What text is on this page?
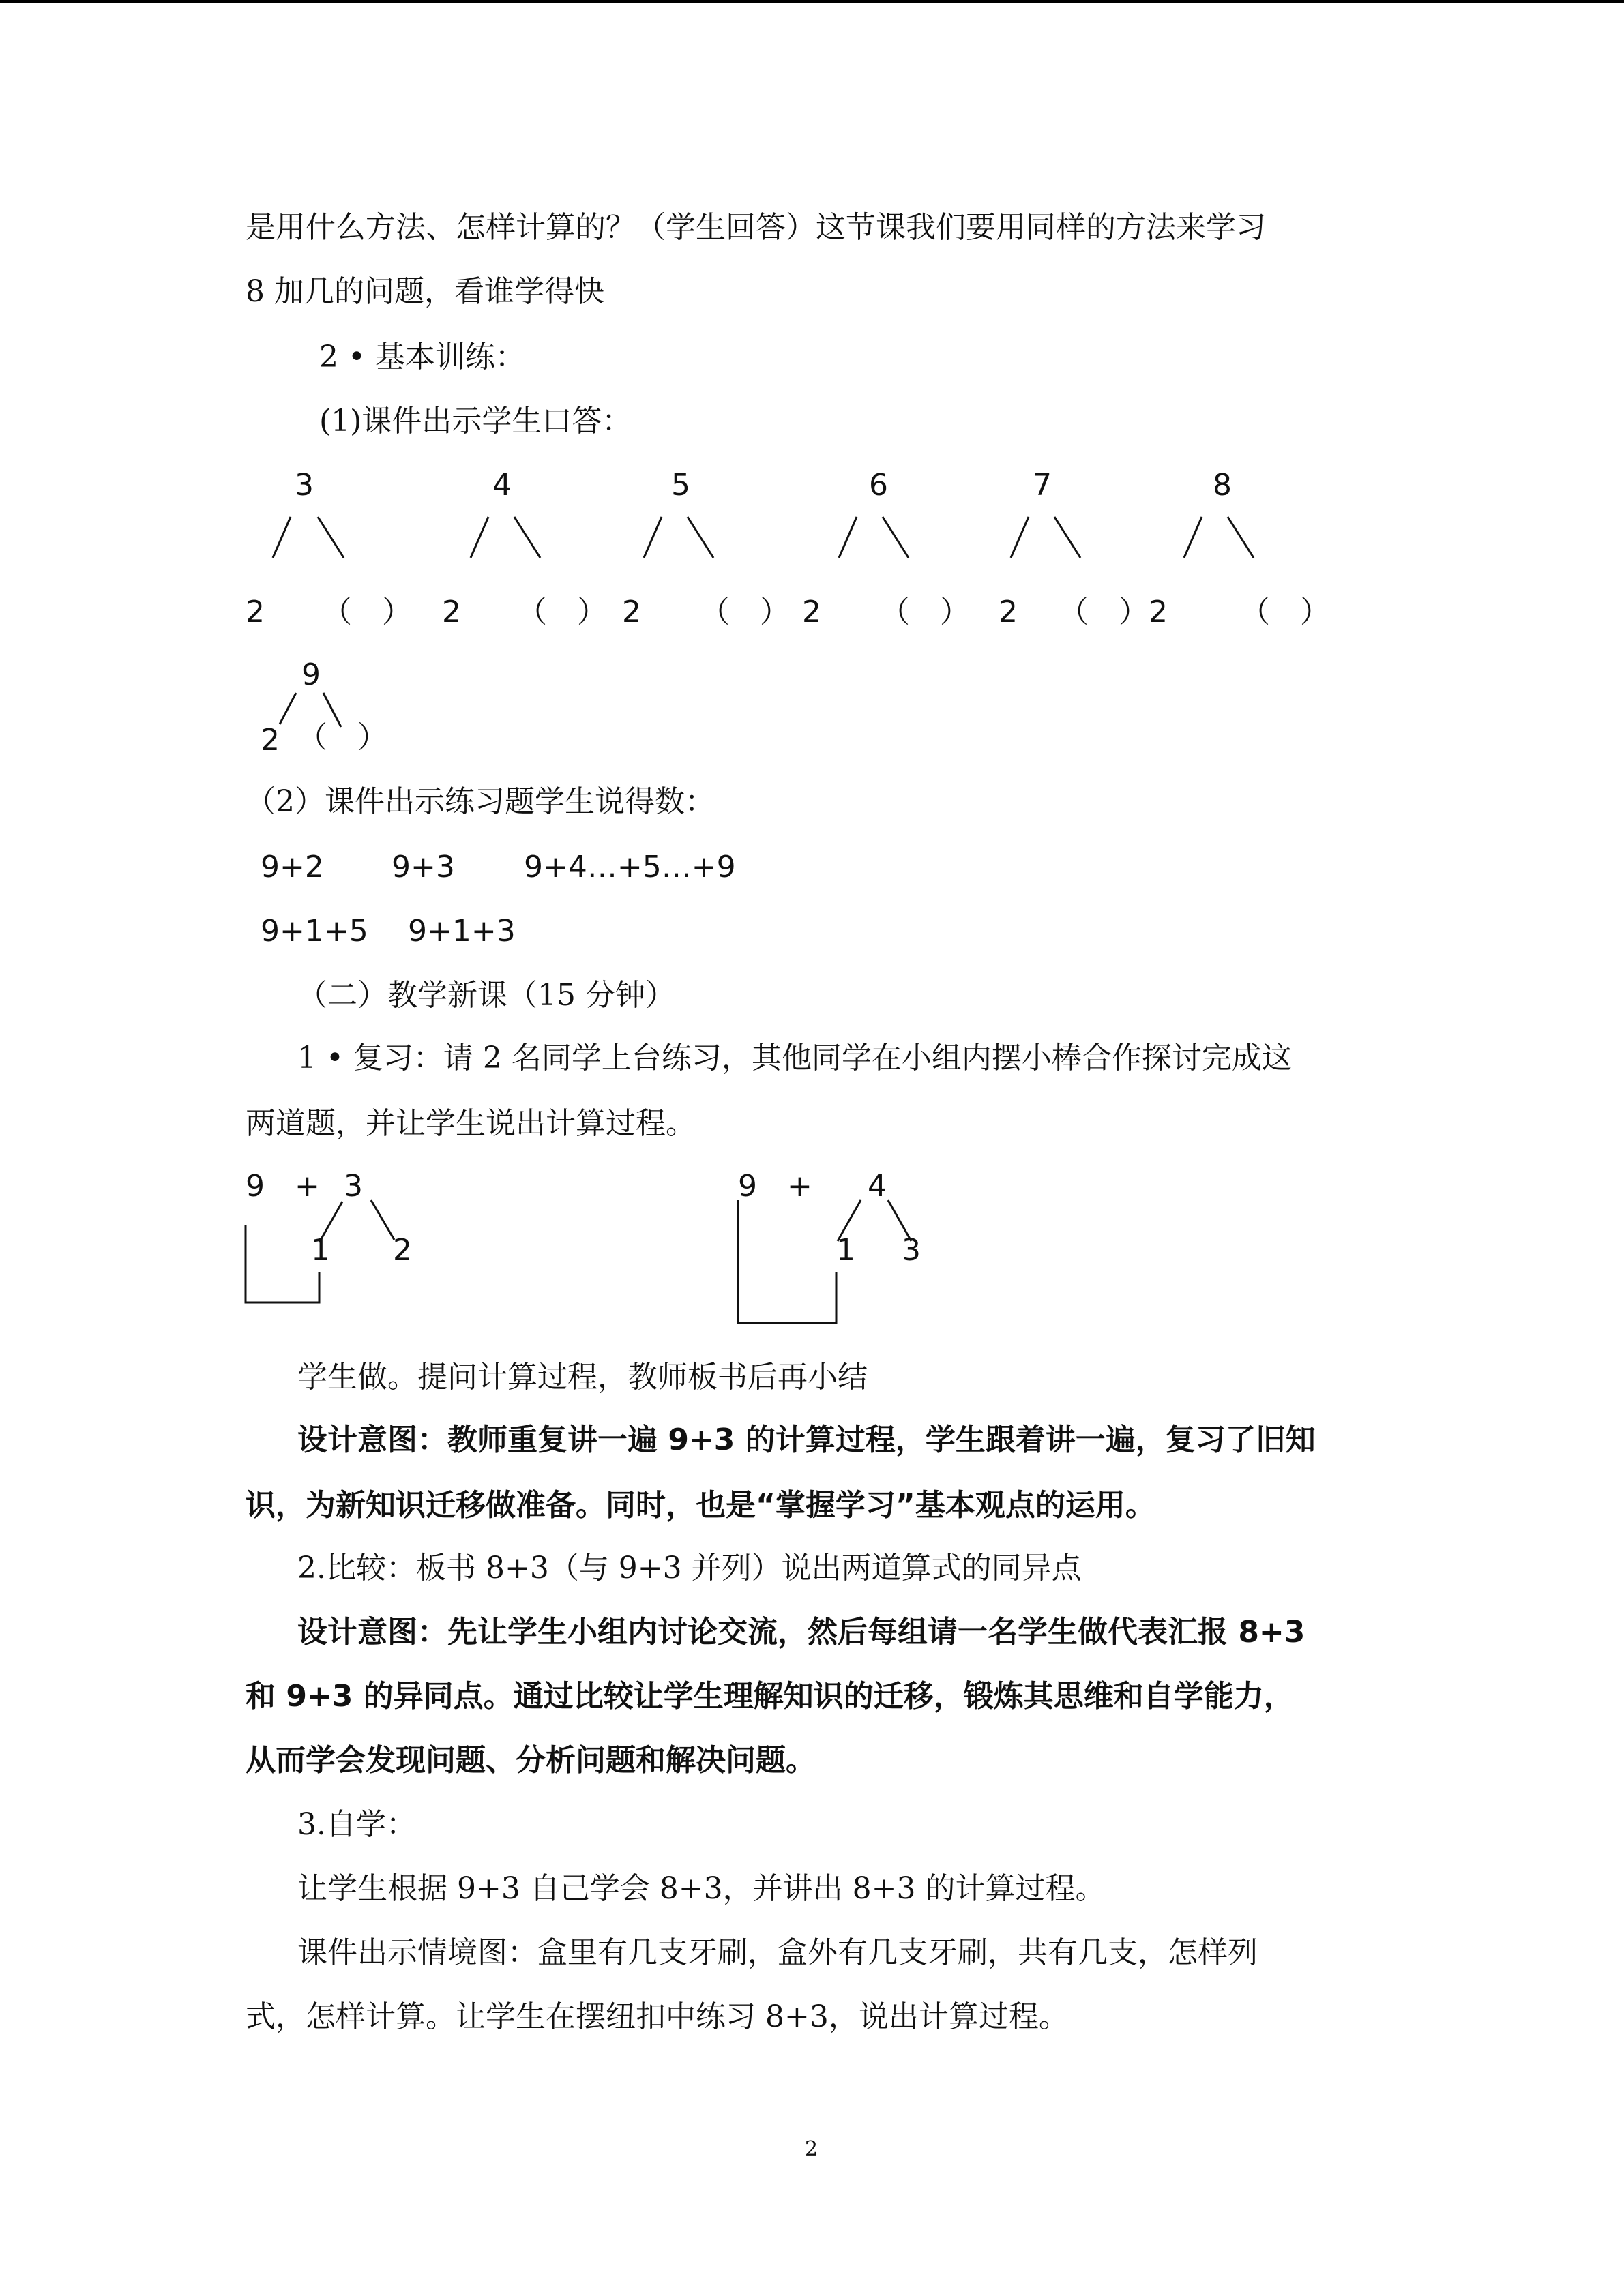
是用什么方法、怎样计算的？（学生回答）这节课我们要用同样的方法来学习
8 加几的问题，看谁学得快
2 • 基本训练：
(1)课件出示学生口答：
3	4	5	6	7	8
2 （　） 2 （　） 2 （　） 2 （　） 2 （　） 2 （　）
9
2 （　）
（2）课件出示练习题学生说得数：
9+2 9+3 9+4…+5…+9
9+1+5 9+1+3
（二）教学新课（15 分钟）
1 • 复习：请 2 名同学上台练习，其他同学在小组内摆小棒合作探讨完成这
两道题，并让学生说出计算过程。
9 + 3
1 2
9 + 4
1 3
学生做。提问计算过程，教师板书后再小结
设计意图：教师重复讲一遍 9+3 的计算过程，学生跟着讲一遍，复习了旧知
识，为新知识迁移做准备。同时，也是“掌握学习”基本观点的运用。
2.比较：板书 8+3（与 9+3 并列）说出两道算式的同异点
设计意图：先让学生小组内讨论交流，然后每组请一名学生做代表汇报 8+3
和 9+3 的异同点。通过比较让学生理解知识的迁移，锻炼其思维和自学能力，
从而学会发现问题、分析问题和解决问题。
3.自学：
让学生根据 9+3 自己学会 8+3，并讲出 8+3 的计算过程。
课件出示情境图：盒里有几支牙刷，盒外有几支牙刷，共有几支，怎样列
式，怎样计算。让学生在摆纽扣中练习 8+3，说出计算过程。
2
